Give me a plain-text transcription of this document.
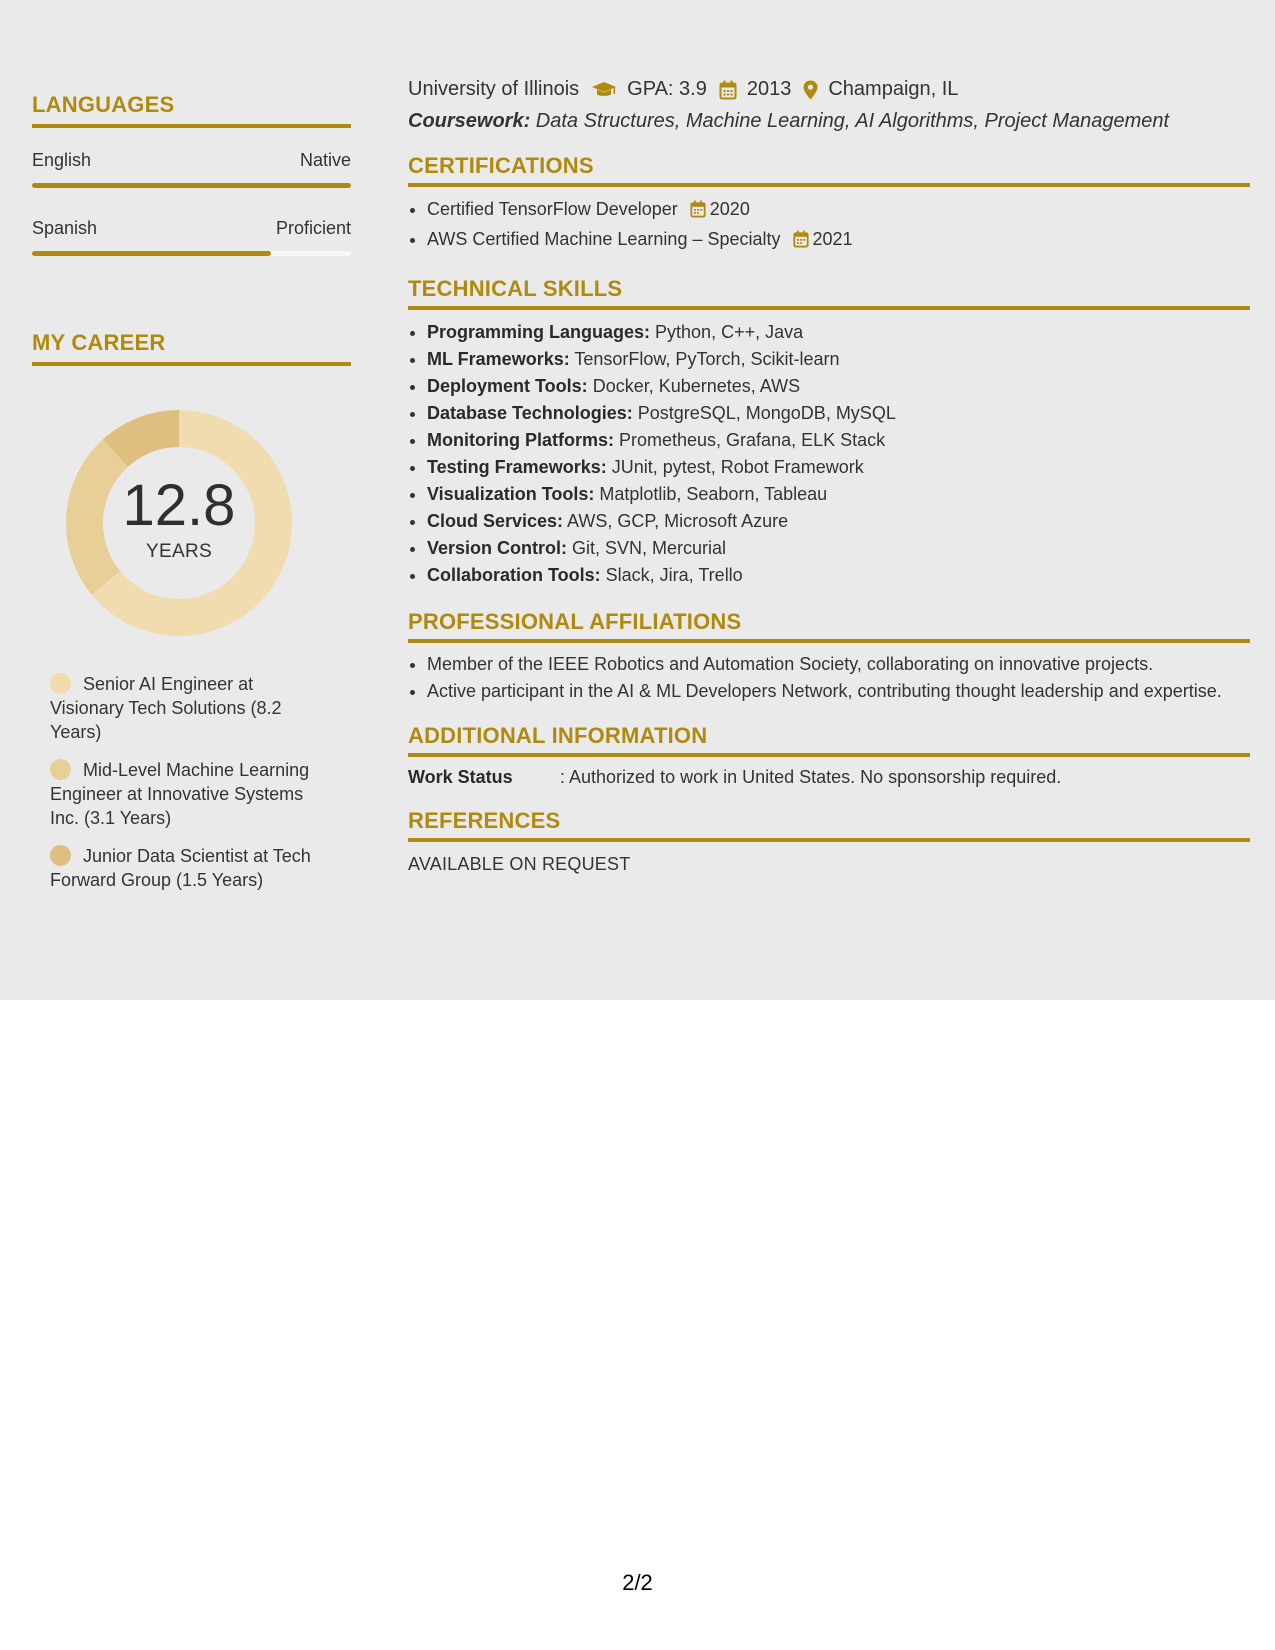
LANGUAGES
English	Native
Spanish	Proficient
MY CAREER
12.8
YEARS
Senior AI Engineer at Visionary Tech Solutions (8.2 Years)
Mid-Level Machine Learning Engineer at Innovative Systems Inc. (3.1 Years)
Junior Data Scientist at Tech Forward Group (1.5 Years)
University of Illinois GPA: 3.9 2013 Champaign, IL
Coursework: Data Structures, Machine Learning, AI Algorithms, Project Management
CERTIFICATIONS
• Certified TensorFlow Developer 2020
• AWS Certified Machine Learning – Specialty 2021
TECHNICAL SKILLS
• Programming Languages: Python, C++, Java
• ML Frameworks: TensorFlow, PyTorch, Scikit-learn
• Deployment Tools: Docker, Kubernetes, AWS
• Database Technologies: PostgreSQL, MongoDB, MySQL
• Monitoring Platforms: Prometheus, Grafana, ELK Stack
• Testing Frameworks: JUnit, pytest, Robot Framework
• Visualization Tools: Matplotlib, Seaborn, Tableau
• Cloud Services: AWS, GCP, Microsoft Azure
• Version Control: Git, SVN, Mercurial
• Collaboration Tools: Slack, Jira, Trello
PROFESSIONAL AFFILIATIONS
• Member of the IEEE Robotics and Automation Society, collaborating on innovative projects.
• Active participant in the AI & ML Developers Network, contributing thought leadership and expertise.
ADDITIONAL INFORMATION
Work Status	: Authorized to work in United States. No sponsorship required.
REFERENCES
AVAILABLE ON REQUEST
2/2
